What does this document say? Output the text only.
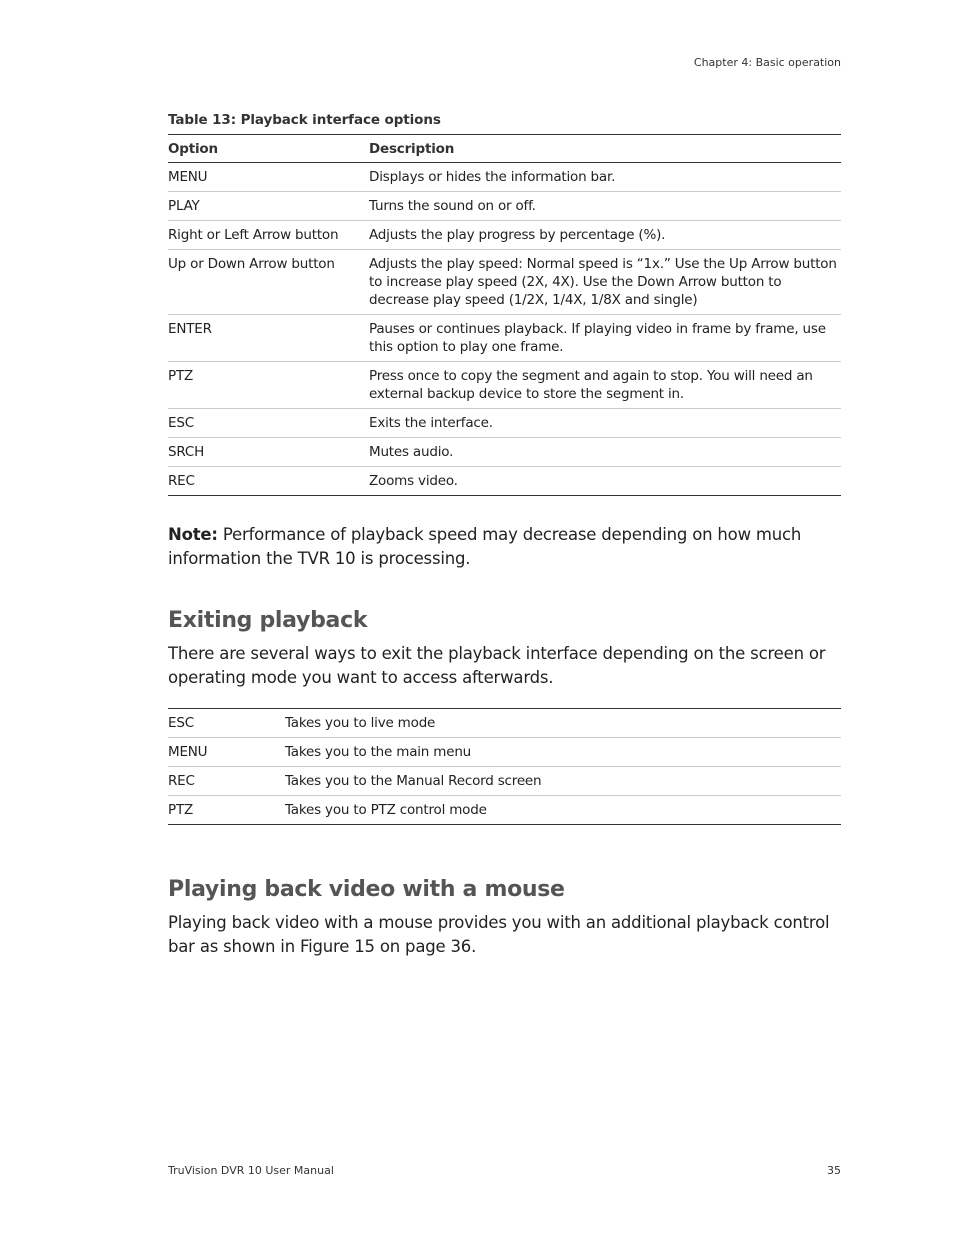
Chapter 4: Basic operation
Table 13: Playback interface options
Option	Description
MENU	Displays or hides the information bar.
PLAY	Turns the sound on or off.
Right or Left Arrow button	Adjusts the play progress by percentage (%).
Up or Down Arrow button	Adjusts the play speed: Normal speed is “1x.” Use the Up Arrow button to increase play speed (2X, 4X). Use the Down Arrow button to decrease play speed (1/2X, 1/4X, 1/8X and single)
ENTER	Pauses or continues playback. If playing video in frame by frame, use this option to play one frame.
PTZ	Press once to copy the segment and again to stop. You will need an external backup device to store the segment in.
ESC	Exits the interface.
SRCH	Mutes audio.
REC	Zooms video.

Note: Performance of playback speed may decrease depending on how much information the TVR 10 is processing.

Exiting playback

There are several ways to exit the playback interface depending on the screen or operating mode you want to access afterwards.

ESC	Takes you to live mode
MENU	Takes you to the main menu
REC	Takes you to the Manual Record screen
PTZ	Takes you to PTZ control mode
Playing back video with a mouse

Playing back video with a mouse provides you with an additional playback control bar as shown in Figure 15 on page 36.

TruVision DVR 10 User Manual	35
